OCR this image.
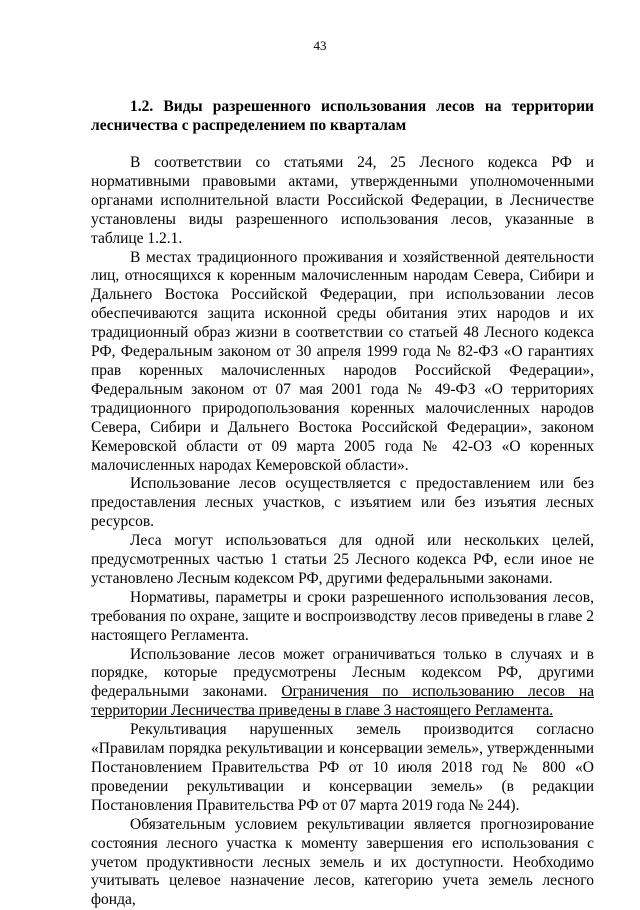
43

1.2. Виды разрешенного использования лесов на территории лесничества с распределением по кварталам

В соответствии со статьями 24, 25 Лесного кодекса РФ и нормативными правовыми актами, утвержденными уполномоченными органами исполнительной власти Российской Федерации, в Лесничестве установлены виды разрешенного использования лесов, указанные в таблице 1.2.1.

В местах традиционного проживания и хозяйственной деятельности лиц, относящихся к коренным малочисленным народам Севера, Сибири и Дальнего Востока Российской Федерации, при использовании лесов обеспечиваются защита исконной среды обитания этих народов и их традиционный образ жизни в соответствии со статьей 48 Лесного кодекса РФ, Федеральным законом от 30 апреля 1999 года № 82-ФЗ «О гарантиях прав коренных малочисленных народов Российской Федерации», Федеральным законом от 07 мая 2001 года № 49-ФЗ «О территориях традиционного природопользования коренных малочисленных народов Севера, Сибири и Дальнего Востока Российской Федерации», законом Кемеровской области от 09 марта 2005 года № 42-ОЗ «О коренных малочисленных народах Кемеровской области».

Использование лесов осуществляется с предоставлением или без предоставления лесных участков, с изъятием или без изъятия лесных ресурсов.

Леса могут использоваться для одной или нескольких целей, предусмотренных частью 1 статьи 25 Лесного кодекса РФ, если иное не установлено Лесным кодексом РФ, другими федеральными законами.

Нормативы, параметры и сроки разрешенного использования лесов, требования по охране, защите и воспроизводству лесов приведены в главе 2 настоящего Регламента.

Использование лесов может ограничиваться только в случаях и в порядке, которые предусмотрены Лесным кодексом РФ, другими федеральными законами. Ограничения по использованию лесов на территории Лесничества приведены в главе 3 настоящего Регламента.

Рекультивация нарушенных земель производится согласно «Правилам порядка рекультивации и консервации земель», утвержденными Постановлением Правительства РФ от 10 июля 2018 год № 800 «О проведении рекультивации и консервации земель» (в редакции Постановления Правительства РФ от 07 марта 2019 года № 244).

Обязательным условием рекультивации является прогнозирование состояния лесного участка к моменту завершения его использования с учетом продуктивности лесных земель и их доступности. Необходимо учитывать целевое назначение лесов, категорию учета земель лесного фонда,
